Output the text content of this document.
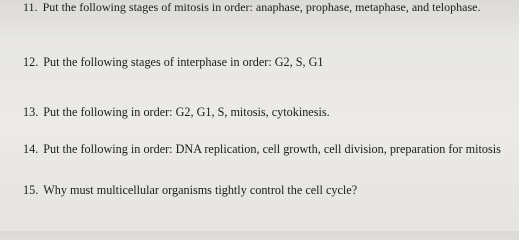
11. Put the following stages of mitosis in order: anaphase, prophase, metaphase, and telophase.
12. Put the following stages of interphase in order: G2, S, G1
13. Put the following in order: G2, G1, S, mitosis, cytokinesis.
14. Put the following in order: DNA replication, cell growth, cell division, preparation for mitosis
15. Why must multicellular organisms tightly control the cell cycle?
